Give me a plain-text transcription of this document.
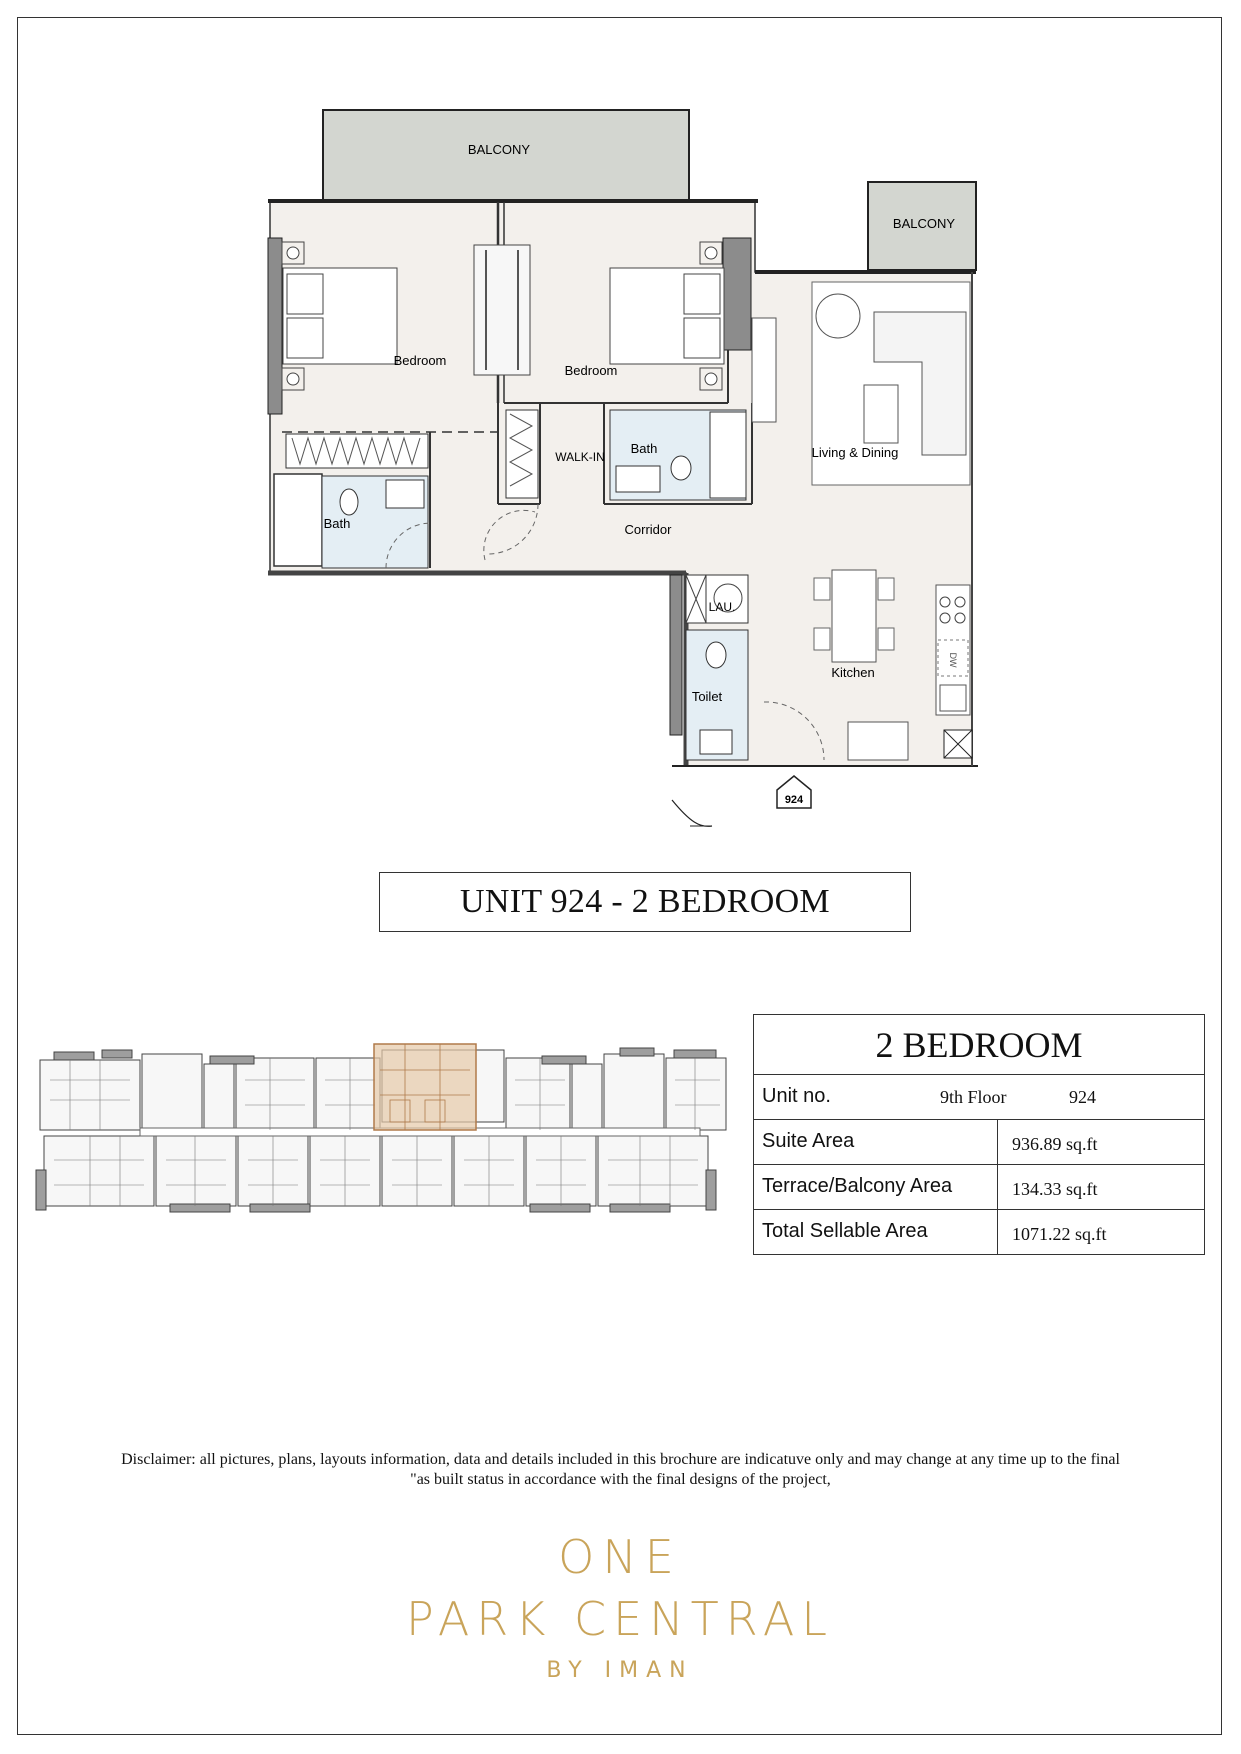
DW
924
BALCONY
BALCONY
Bedroom
Bedroom
WALK-IN
Bath
Bath
Living & Dining
Corridor
LAU.
Toilet
Kitchen
UNIT 924 - 2 BEDROOM
2 BEDROOM
Unit no.	9th Floor	924
Suite Area	936.89 sq.ft
Terrace/Balcony Area	134.33 sq.ft
Total Sellable Area	1071.22 sq.ft
Disclaimer: all pictures, plans, layouts information, data and details included in this brochure are indicatuve only and may change at any time up to the final
"as built status in accordance with the final designs of the project,
ONE
PARK CENTRAL
BY IMAN
